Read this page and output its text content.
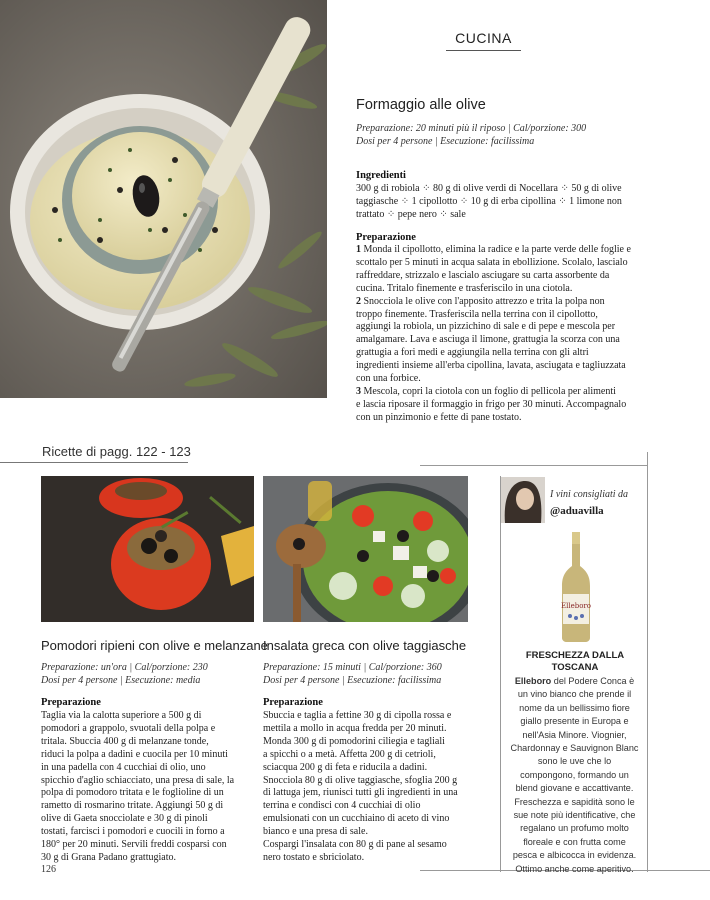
CUCINA
Formaggio alle olive
Preparazione: 20 minuti più il riposo | Cal/porzione: 300
Dosi per 4 persone | Esecuzione: facilissima
Ingredienti

300 g di robiola ⁘ 80 g di olive verdi di Nocellara ⁘ 50 g di olive

taggiasche ⁘ 1 cipollotto ⁘ 10 g di erba cipollina ⁘ 1 limone non

trattato ⁘ pepe nero ⁘ sale

Preparazione

1 Monda il cipollotto, elimina la radice e la parte verde delle foglie e

scottalo per 5 minuti in acqua salata in ebollizione. Scolalo, lascialo

raffreddare, strizzalo e lascialo asciugare su carta assorbente da

cucina. Tritalo finemente e trasferiscilo in una ciotola.

2 Snocciola le olive con l'apposito attrezzo e trita la polpa non

troppo finemente. Trasferiscila nella terrina con il cipollotto,

aggiungi la robiola, un pizzichino di sale e di pepe e mescola per

amalgamare. Lava e asciuga il limone, grattugia la scorza con una

grattugia a fori medi e aggiungila nella terrina con gli altri

ingredienti insieme all'erba cipollina, lavata, asciugata e tagliuzzata

con una forbice.

3 Mescola, copri la ciotola con un foglio di pellicola per alimenti

e lascia riposare il formaggio in frigo per 30 minuti. Accompagnalo

con un pinzimonio e fette di pane tostato.

Ricette di pagg. 122 - 123
Pomodori ripieni con olive e melanzane
Preparazione: un'ora | Cal/porzione: 230
Dosi per 4 persone | Esecuzione: media
Preparazione

Taglia via la calotta superiore a 500 g di

pomodori a grappolo, svuotali della polpa e

tritala. Sbuccia 400 g di melanzane tonde,

riduci la polpa a dadini e cuocila per 10 minuti

in una padella con 4 cucchiai di olio, uno

spicchio d'aglio schiacciato, una presa di sale, la

polpa di pomodoro tritata e le foglioline di un

rametto di rosmarino tritate. Aggiungi 50 g di

olive di Gaeta snocciolate e 30 g di pinoli

tostati, farcisci i pomodori e cuocili in forno a

180° per 20 minuti. Servili freddi cosparsi con

30 g di Grana Padano grattugiato.

Insalata greca con olive taggiasche
Preparazione: 15 minuti | Cal/porzione: 360
Dosi per 4 persone | Esecuzione: facilissima
Preparazione

Sbuccia e taglia a fettine 30 g di cipolla rossa e

mettila a mollo in acqua fredda per 20 minuti.

Monda 300 g di pomodorini ciliegia e tagliali

a spicchi o a metà. Affetta 200 g di cetrioli,

sciacqua 200 g di feta e riducila a dadini.

Snocciola 80 g di olive taggiasche, sfoglia 200 g

di lattuga jem, riunisci tutti gli ingredienti in una

terrina e condisci con 4 cucchiai di olio

emulsionati con un cucchiaino di aceto di vino

bianco e una presa di sale.

Cospargi l'insalata con 80 g di pane al sesamo

nero tostato e sbriciolato.

I vini consigliati da
@aduavilla
Elleboro
FRESCHEZZA DALLA
TOSCANA
Elleboro del Podere Conca è
un vino bianco che prende il
nome da un bellissimo fiore
giallo presente in Europa e
nell'Asia Minore. Viognier,
Chardonnay e Sauvignon Blanc
sono le uve che lo
compongono, formando un
blend giovane e accattivante.
Freschezza e sapidità sono le
sue note più identificative, che
regalano un profumo molto
floreale e con frutta come
pesca e albicocca in evidenza.
Ottimo anche come aperitivo.
126
